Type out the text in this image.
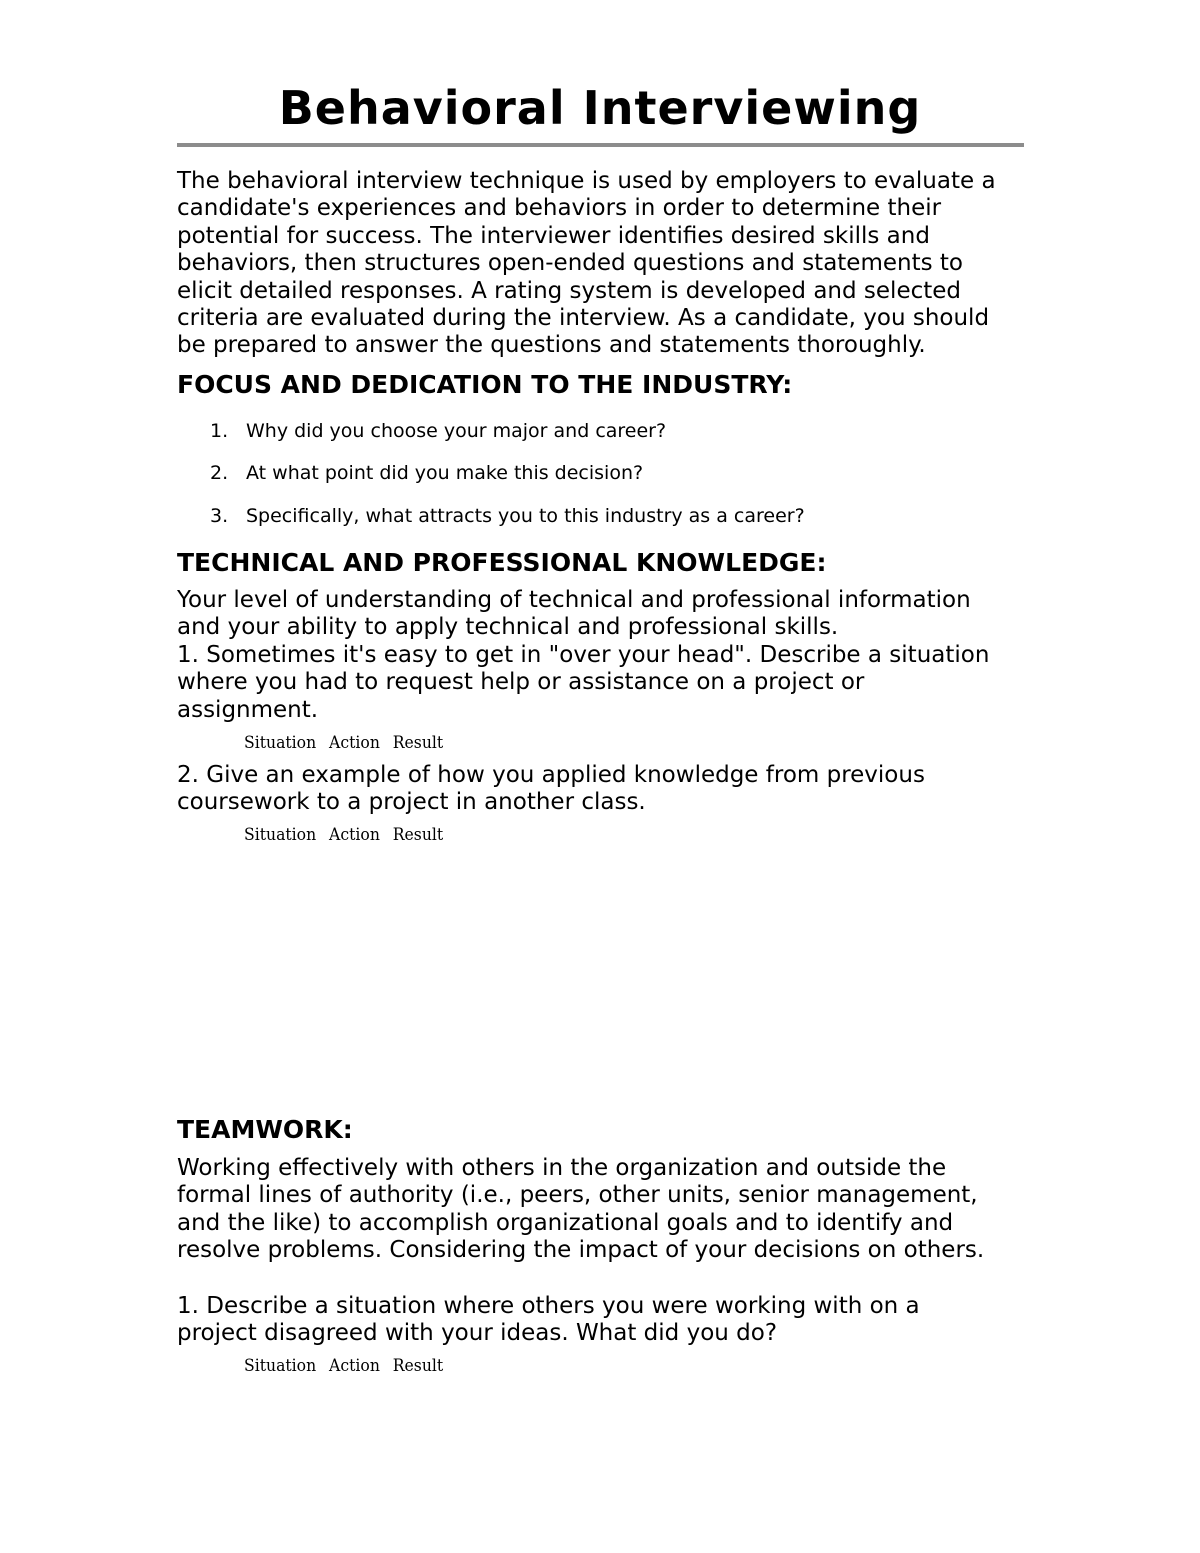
Behavioral Interviewing
The behavioral interview technique is used by employers to evaluate a
candidate's experiences and behaviors in order to determine their
potential for success. The interviewer identifies desired skills and
behaviors, then structures open-ended questions and statements to
elicit detailed responses. A rating system is developed and selected
criteria are evaluated during the interview. As a candidate, you should
be prepared to answer the questions and statements thoroughly.
FOCUS AND DEDICATION TO THE INDUSTRY:
1. Why did you choose your major and career?
2. At what point did you make this decision?
3. Specifically, what attracts you to this industry as a career?
TECHNICAL AND PROFESSIONAL KNOWLEDGE:
Your level of understanding of technical and professional information
and your ability to apply technical and professional skills.
1. Sometimes it's easy to get in "over your head". Describe a situation
where you had to request help or assistance on a project or
assignment.
Situation Action Result
2. Give an example of how you applied knowledge from previous
coursework to a project in another class.
Situation Action Result
TEAMWORK:
Working effectively with others in the organization and outside the
formal lines of authority (i.e., peers, other units, senior management,
and the like) to accomplish organizational goals and to identify and
resolve problems. Considering the impact of your decisions on others.
1. Describe a situation where others you were working with on a
project disagreed with your ideas. What did you do?
Situation Action Result
